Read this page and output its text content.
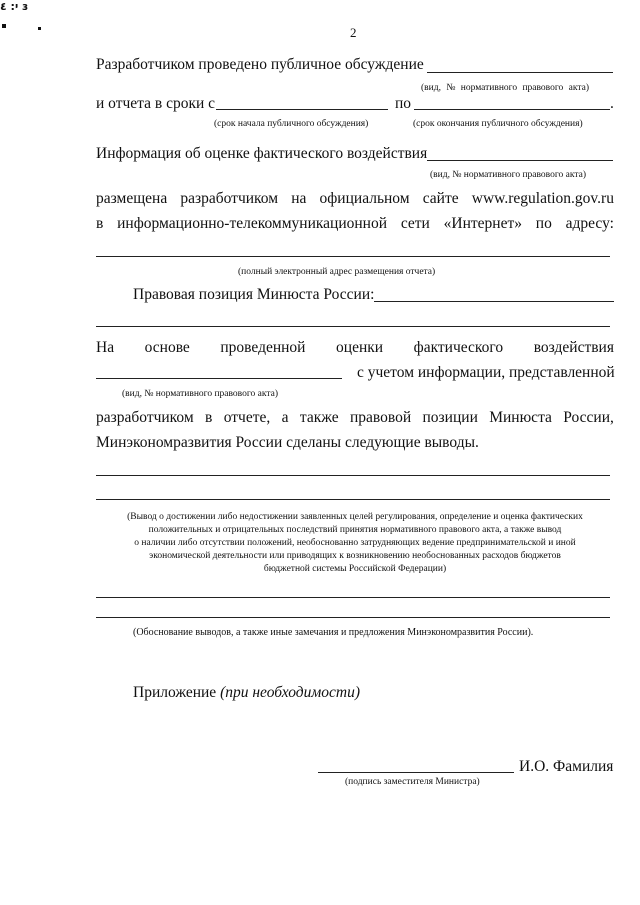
י: ٤ ɜ
2
Разработчиком проведено публичное обсуждение
(вид, № нормативного правового акта)
и отчета в сроки с	по	.
(срок начала публичного обсуждения)	(срок окончания публичного обсуждения)
Информация об оценке фактического воздействия
(вид, № нормативного правового акта)
размещена разработчиком на официальном сайте www.regulation.gov.ru
в информационно-телекоммуникационной сети «Интернет» по адресу:
(полный электронный адрес размещения отчета)
Правовая позиция Минюста России:
На основе проведенной оценки фактического воздействия
с учетом информации, представленной
(вид, № нормативного правового акта)
разработчиком в отчете, а также правовой позиции Минюста России,
Минэкономразвития России сделаны следующие выводы.
(Вывод о достижении либо недостижении заявленных целей регулирования, определение и оценка фактических
положительных и отрицательных последствий принятия нормативного правового акта, а также вывод
о наличии либо отсутствии положений, необоснованно затрудняющих ведение предпринимательской и иной
экономической деятельности или приводящих к возникновению необоснованных расходов бюджетов
бюджетной системы Российской Федерации)
(Обоснование выводов, а также иные замечания и предложения Минэкономразвития России).
Приложение (при необходимости)
И.О. Фамилия
(подпись заместителя Министра)
